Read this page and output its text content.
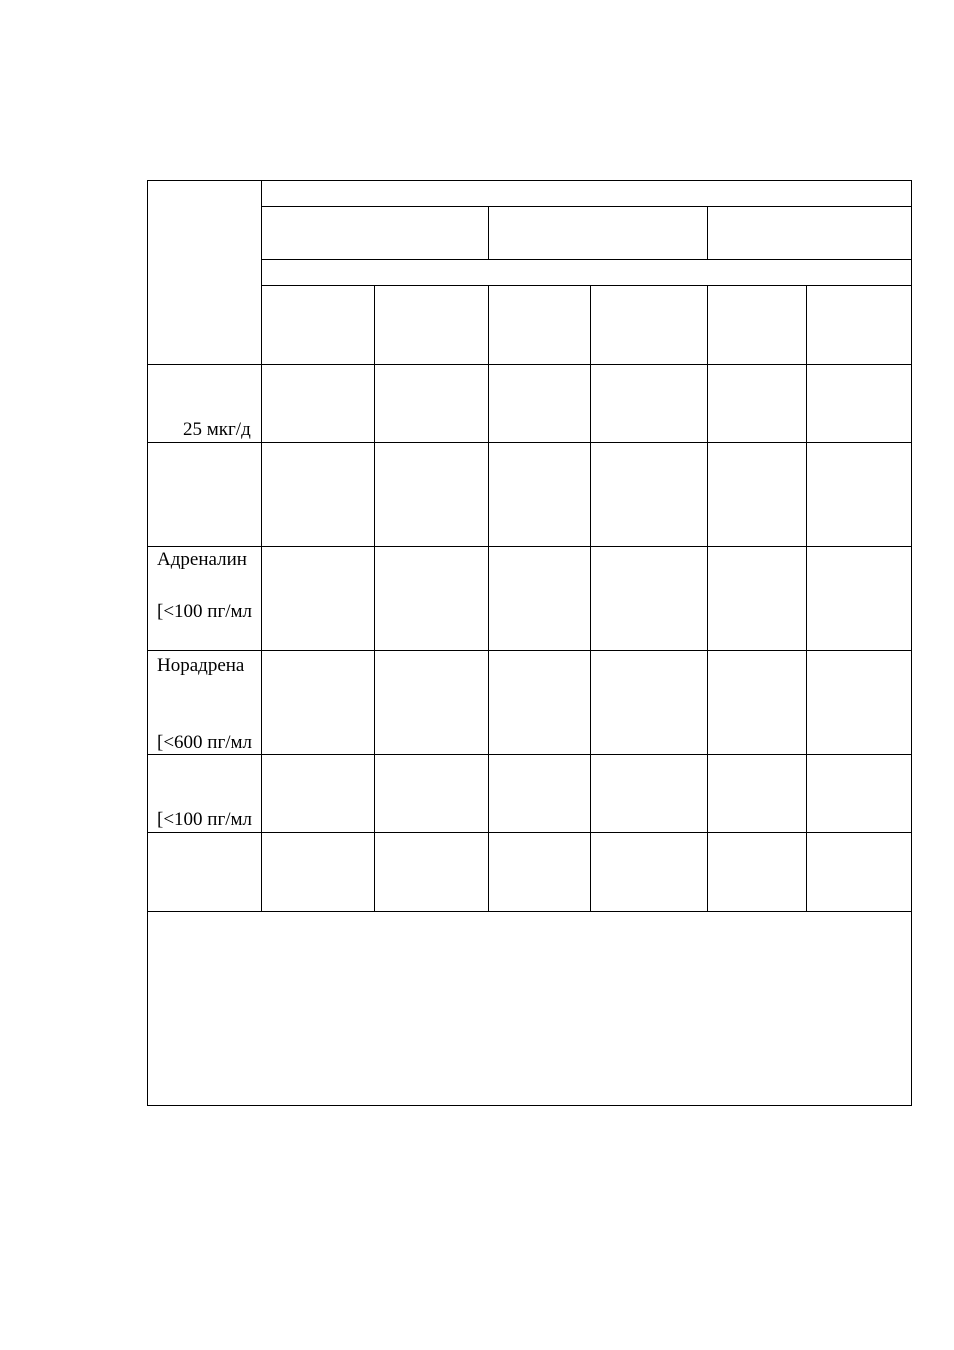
25 мкг/д
Адреналин
[<100 пг/мл
Норадрена
[<600 пг/мл
[<100 пг/мл
